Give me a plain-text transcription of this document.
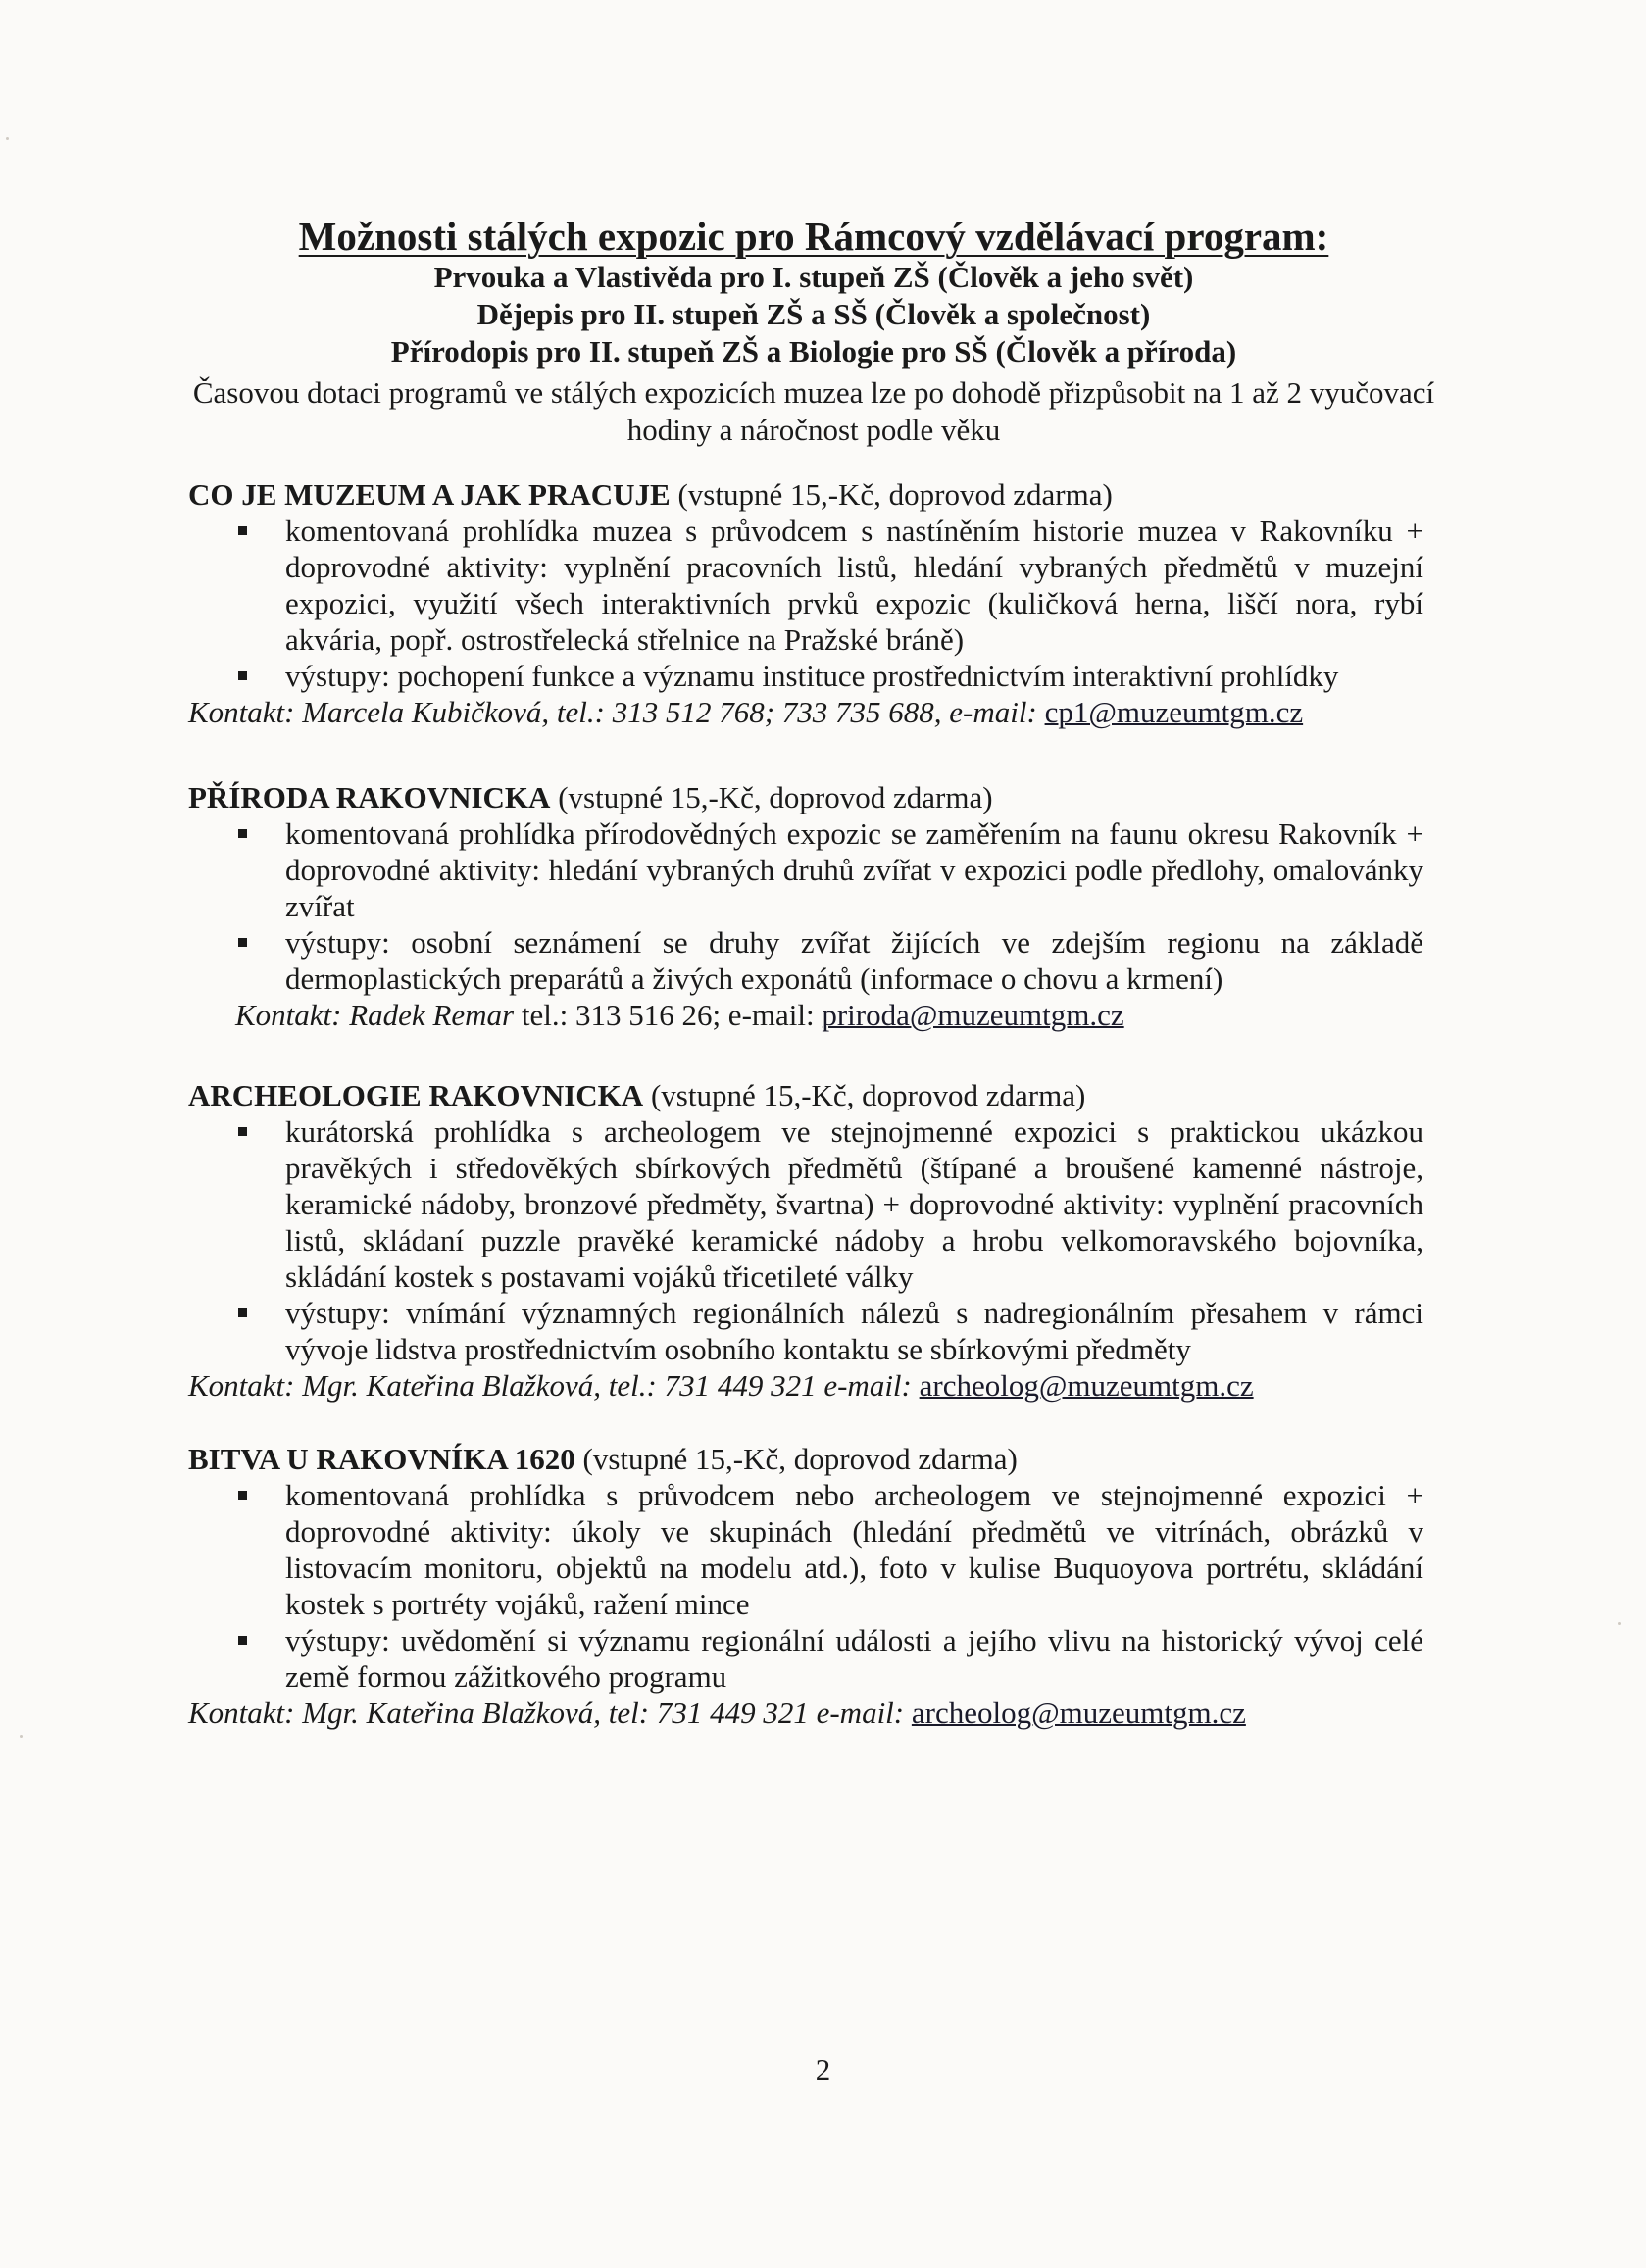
Možnosti stálých expozic pro Rámcový vzdělávací program:

Prvouka a Vlastivěda pro I. stupeň ZŠ (Člověk a jeho svět)

Dějepis pro II. stupeň ZŠ a SŠ (Člověk a společnost)

Přírodopis pro II. stupeň ZŠ a Biologie pro SŠ (Člověk a příroda)

Časovou dotaci programů ve stálých expozicích muzea lze po dohodě přizpůsobit na 1 až 2 vyučovací hodiny a náročnost podle věku

CO JE MUZEUM A JAK PRACUJE (vstupné 15,-Kč, doprovod zdarma)

komentovaná prohlídka muzea s průvodcem s nastíněním historie muzea v Rakovníku + doprovodné aktivity: vyplnění pracovních listů, hledání vybraných předmětů v muzejní expozici, využití všech interaktivních prvků expozic (kuličková herna, liščí nora, rybí akvária, popř. ostrostřelecká střelnice na Pražské bráně)
výstupy: pochopení funkce a významu instituce prostřednictvím interaktivní prohlídky

Kontakt: Marcela Kubičková, tel.: 313 512 768; 733 735 688, e-mail: cp1@muzeumtgm.cz

PŘÍRODA RAKOVNICKA (vstupné 15,-Kč, doprovod zdarma)

komentovaná prohlídka přírodovědných expozic se zaměřením na faunu okresu Rakovník + doprovodné aktivity: hledání vybraných druhů zvířat v expozici podle předlohy, omalovánky zvířat
výstupy: osobní seznámení se druhy zvířat žijících ve zdejším regionu na základě dermoplastických preparátů a živých exponátů (informace o chovu a krmení)

Kontakt: Radek Remar tel.: 313 516 26; e-mail: priroda@muzeumtgm.cz

ARCHEOLOGIE RAKOVNICKA (vstupné 15,-Kč, doprovod zdarma)

kurátorská prohlídka s archeologem ve stejnojmenné expozici s praktickou ukázkou pravěkých i středověkých sbírkových předmětů (štípané a broušené kamenné nástroje, keramické nádoby, bronzové předměty, švartna) + doprovodné aktivity: vyplnění pracovních listů, skládaní puzzle pravěké keramické nádoby a hrobu velkomoravského bojovníka, skládání kostek s postavami vojáků třicetileté války
výstupy: vnímání významných regionálních nálezů s nadregionálním přesahem v rámci vývoje lidstva prostřednictvím osobního kontaktu se sbírkovými předměty

Kontakt: Mgr. Kateřina Blažková, tel.: 731 449 321 e-mail: archeolog@muzeumtgm.cz

BITVA U RAKOVNÍKA 1620 (vstupné 15,-Kč, doprovod zdarma)

komentovaná prohlídka s průvodcem nebo archeologem ve stejnojmenné expozici + doprovodné aktivity: úkoly ve skupinách (hledání předmětů ve vitrínách, obrázků v listovacím monitoru, objektů na modelu atd.), foto v kulise Buquoyova portrétu, skládání kostek s portréty vojáků, ražení mince
výstupy: uvědomění si významu regionální události a jejího vlivu na historický vývoj celé země formou zážitkového programu

Kontakt: Mgr. Kateřina Blažková, tel: 731 449 321 e-mail: archeolog@muzeumtgm.cz

2
